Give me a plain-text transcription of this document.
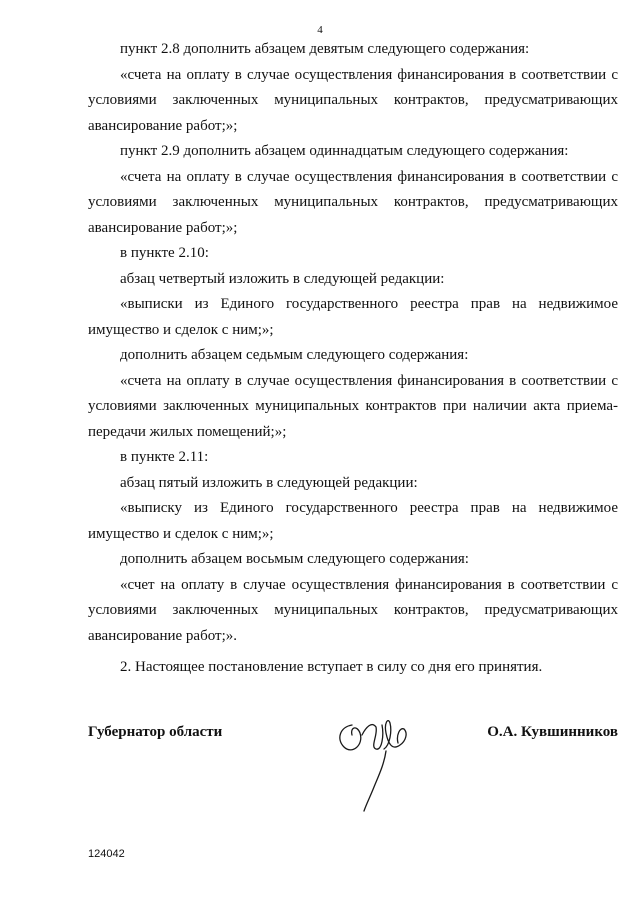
4

пункт 2.8 дополнить абзацем девятым следующего содержания:

«счета на оплату в случае осуществления финансирования в соответствии с условиями заключенных муниципальных контрактов, предусматривающих авансирование работ;»;

пункт 2.9 дополнить абзацем одиннадцатым следующего содержания:

«счета на оплату в случае осуществления финансирования в соответствии с условиями заключенных муниципальных контрактов, предусматривающих авансирование работ;»;

в пункте 2.10:

абзац четвертый изложить в следующей редакции:

«выписки из Единого государственного реестра прав на недвижимое имущество и сделок с ним;»;

дополнить абзацем седьмым следующего содержания:

«счета на оплату в случае осуществления финансирования в соответствии с условиями заключенных муниципальных контрактов при наличии акта приема-передачи жилых помещений;»;

в пункте 2.11:

абзац пятый изложить в следующей редакции:

«выписку из Единого государственного реестра прав на недвижимое имущество и сделок с ним;»;

дополнить абзацем восьмым следующего содержания:

«счет на оплату в случае осуществления финансирования в соответствии с условиями заключенных муниципальных контрактов, предусматривающих авансирование работ;».

2. Настоящее постановление вступает в силу со дня его принятия.

Губернатор области	О.А. Кувшинников
124042
